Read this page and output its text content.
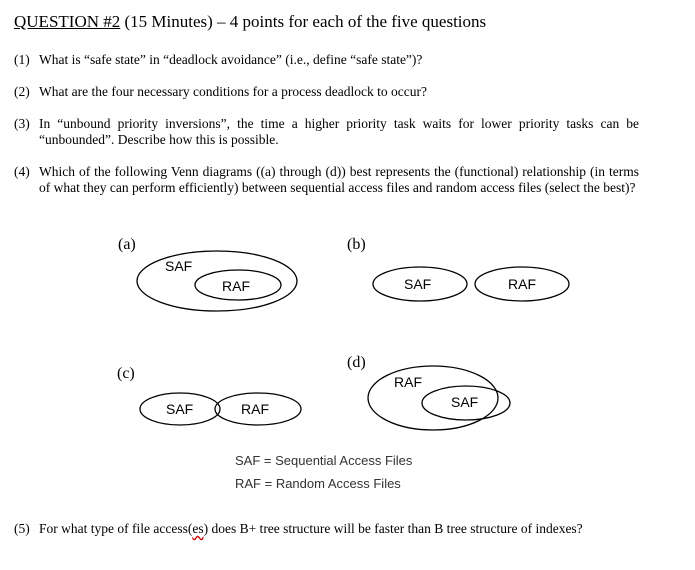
QUESTION #2 (15 Minutes) – 4 points for each of the five questions
(1) What is “safe state” in “deadlock avoidance” (i.e., define “safe state”)?
(2) What are the four necessary conditions for a process deadlock to occur?
(3) In “unbound priority inversions”, the time a higher priority task waits for lower priority tasks can be “unbounded”. Describe how this is possible.
(4) Which of the following Venn diagrams ((a) through (d)) best represents the (functional) relationship (in terms of what they can perform efficiently) between sequential access files and random access files (select the best)?
(a)	(b)
(c)
(d)
SAF
RAF	SAF	RAF
SAF	RAF
RAF
SAF
SAF = Sequential Access Files
RAF = Random Access Files
(5) For what type of file access(es) does B+ tree structure will be faster than B tree structure of indexes?
